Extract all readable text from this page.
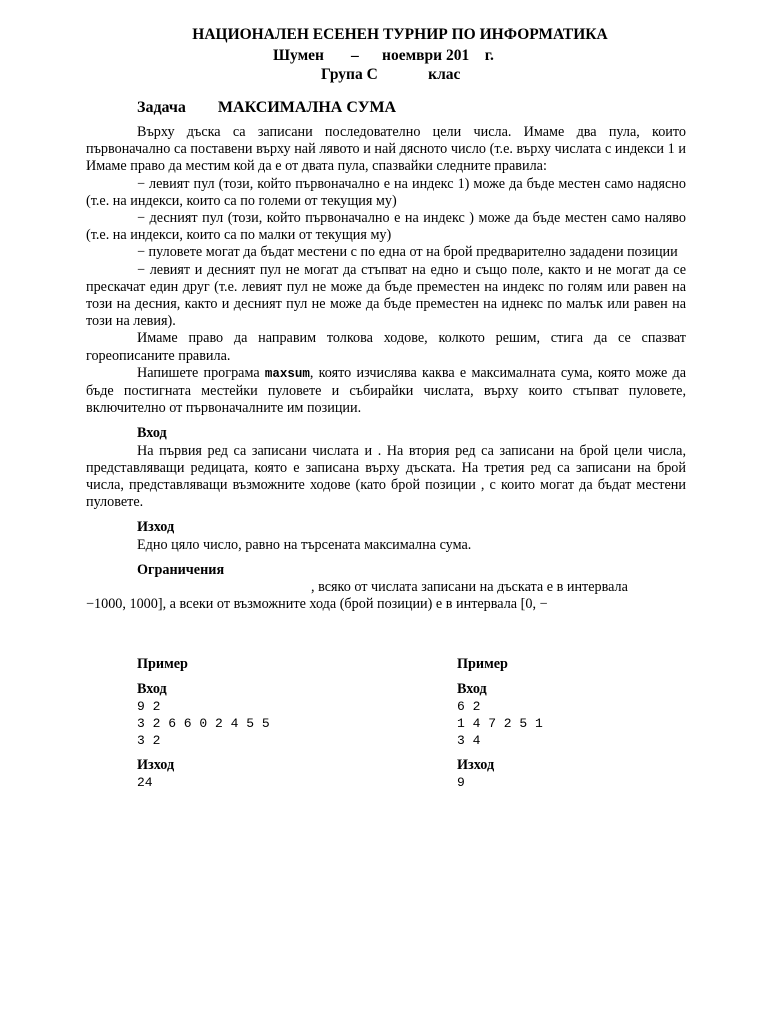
НАЦИОНАЛЕН ЕСЕНЕН ТУРНИР ПО ИНФОРМАТИКА
Шумен       –      ноември 201    г.
Група C             клас
Задача МАКСИМАЛНА СУМА

Върху дъска са записани последователно цели числа. Имаме два пула, които първоначално са поставени върху най лявото и най дясното число (т.е. върху числата с индекси 1 и Имаме право да местим кой да е от двата пула, спазвайки следните правила:

− левият пул (този, който първоначално е на индекс 1) може да бъде местен само надясно (т.е. на индекси, които са по големи от текущия му)

− десният пул (този, който първоначално е на индекс ) може да бъде местен само наляво (т.е. на индекси, които са по малки от текущия му)

− пуловете могат да бъдат местени с по една от на брой предварително зададени позиции

− левият и десният пул не могат да стъпват на едно и също поле, както и не могат да се прескачат един друг (т.е. левият пул не може да бъде преместен на индекс по голям или равен на този на десния, както и десният пул не може да бъде преместен на иднекс по малък или равен на този на левия).

Имаме право да направим толкова ходове, колкото решим, стига да се спазват гореописаните правила.

Напишете програма maxsum, която изчислява каква е максималната сума, която може да бъде постигната местейки пуловете и събирайки числата, върху които стъпват пуловете, включително от първоначалните им позиции.

Вход

На първия ред са записани числата и . На втория ред са записани на брой цели числа, представляващи редицата, която е записана върху дъската. На третия ред са записани на брой числа, представляващи възможните ходове (като брой позиции , с които могат да бъдат местени пуловете.

Изход

Едно цяло число, равно на търсената максимална сума.

Ограничения

, всяко от числата записани на дъската е в интервала

−1000, 1000], а всеки от възможните хода (брой позиции) е в интервала [0, −

Пример
Вход
9 2
3 2 6 6 0 2 4 5 5
3 2
Изход
24
Пример
Вход
6 2
1 4 7 2 5 1
3 4
Изход
9
